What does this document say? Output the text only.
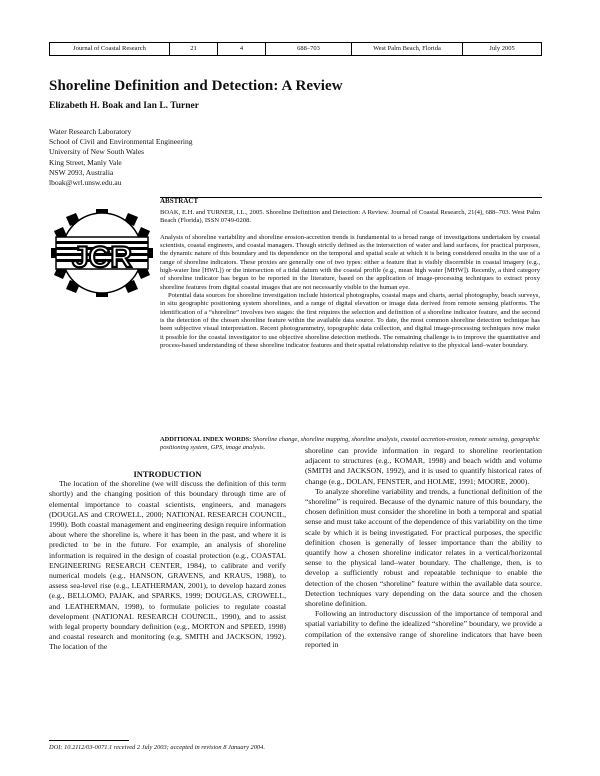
Journal of Coastal Research	21	4	688–703	West Palm Beach, Florida	July 2005
Shoreline Definition and Detection: A Review
Elizabeth H. Boak and Ian L. Turner
Water Research Laboratory
School of Civil and Environmental Engineering
University of New South Wales
King Street, Manly Vale
NSW 2093, Australia
lboak@wrl.unsw.edu.au
JCR
ABSTRACT

BOAK, E.H. and TURNER, I.L., 2005. Shoreline Definition and Detection: A Review. Journal of Coastal Research, 21(4), 688–703. West Palm Beach (Florida), ISSN 0749-0208.

Analysis of shoreline variability and shoreline erosion-accretion trends is fundamental to a broad range of investigations undertaken by coastal scientists, coastal engineers, and coastal managers. Though strictly defined as the intersection of water and land surfaces, for practical purposes, the dynamic nature of this boundary and its dependence on the temporal and spatial scale at which it is being considered results in the use of a range of shoreline indicators. These proxies are generally one of two types: either a feature that is visibly discernible in coastal imagery (e.g., high-water line [HWL]) or the intersection of a tidal datum with the coastal profile (e.g., mean high water [MHW]). Recently, a third category of shoreline indicator has begun to be reported in the literature, based on the application of image-processing techniques to extract proxy shoreline features from digital coastal images that are not necessarily visible to the human eye.

Potential data sources for shoreline investigation include historical photographs, coastal maps and charts, aerial photography, beach surveys, in situ geographic positioning system shorelines, and a range of digital elevation or image data derived from remote sensing platforms. The identification of a “shoreline” involves two stages: the first requires the selection and definition of a shoreline indicator feature, and the second is the detection of the chosen shoreline feature within the available data source. To date, the most common shoreline detection technique has been subjective visual interpretation. Recent photogrammetry, topographic data collection, and digital image-processing techniques now make it possible for the coastal investigator to use objective shoreline detection methods. The remaining challenge is to improve the quantitative and process-based understanding of these shoreline indicator features and their spatial relationship relative to the physical land–water boundary.

ADDITIONAL INDEX WORDS: Shoreline change, shoreline mapping, shoreline analysis, coastal accretion-erosion, remote sensing, geographic positioning system, GPS, image analysis.

INTRODUCTION

The location of the shoreline (we will discuss the definition of this term shortly) and the changing position of this boundary through time are of elemental importance to coastal scientists, engineers, and managers (DOUGLAS and CROWELL, 2000; NATIONAL RESEARCH COUNCIL, 1990). Both coastal management and engineering design require information about where the shoreline is, where it has been in the past, and where it is predicted to be in the future. For example, an analysis of shoreline information is required in the design of coastal protection (e.g., COASTAL ENGINEERING RESEARCH CENTER, 1984), to calibrate and verify numerical models (e.g., HANSON, GRAVENS, and KRAUS, 1988), to assess sea-level rise (e.g., LEATHERMAN, 2001), to develop hazard zones (e.g., BELLOMO, PAJAK, and SPARKS, 1999; DOUGLAS, CROWELL, and LEATHERMAN, 1998), to formulate policies to regulate coastal development (NATIONAL RESEARCH COUNCIL, 1990), and to assist with legal property boundary definition (e.g., MORTON and SPEED, 1998) and coastal research and monitoring (e.g, SMITH and JACKSON, 1992). The location of the

shoreline can provide information in regard to shoreline reorientation adjacent to structures (e.g., KOMAR, 1998) and beach width and volume (SMITH and JACKSON, 1992), and it is used to quantify historical rates of change (e.g., DOLAN, FENSTER, and HOLME, 1991; MOORE, 2000).

To analyze shoreline variability and trends, a functional definition of the “shoreline” is required. Because of the dynamic nature of this boundary, the chosen definition must consider the shoreline in both a temporal and spatial sense and must take account of the dependence of this variability on the time scale by which it is being investigated. For practical purposes, the specific definition chosen is generally of lesser importance than the ability to quantify how a chosen shoreline indicator relates in a vertical/horizontal sense to the physical land–water boundary. The challenge, then, is to develop a sufficiently robust and repeatable technique to enable the detection of the chosen “shoreline” feature within the available data source. Detection techniques vary depending on the data source and the chosen shoreline definition.

Following an introductory discussion of the importance of temporal and spatial variability to define the idealized “shoreline” boundary, we provide a compilation of the extensive range of shoreline indicators that have been reported in

DOI: 10.2112/03-0071.1 received 2 July 2003; accepted in revision 8 January 2004.
